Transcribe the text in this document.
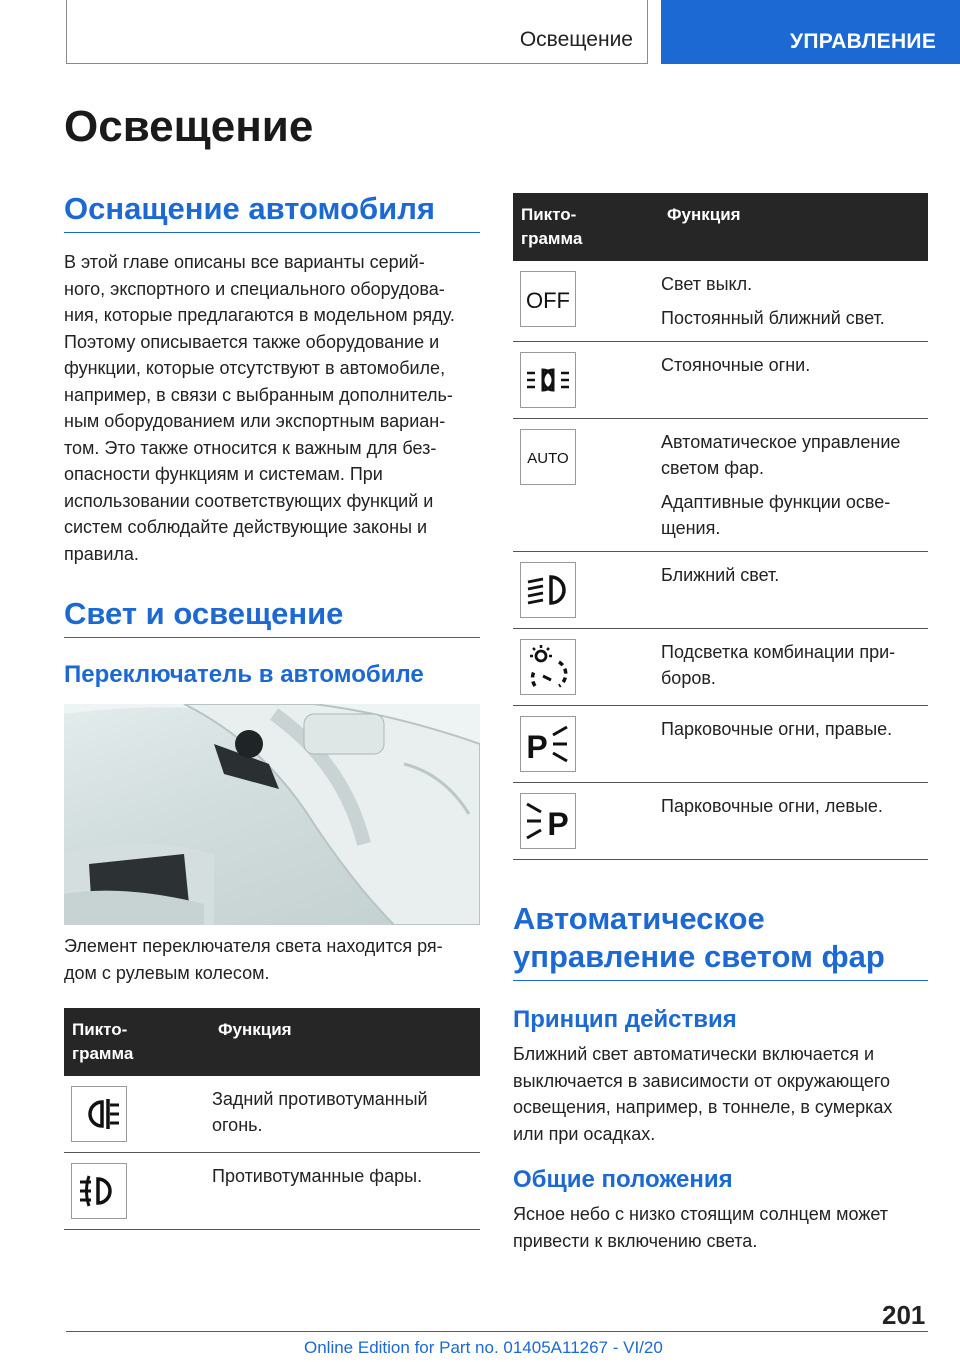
Освещение	УПРАВЛЕНИЕ
Освещение
Оснащение автомобиля
В этой главе описаны все варианты серий-
ного, экспортного и специального оборудова-
ния, которые предлагаются в модельном ряду.
Поэтому описывается также оборудование и
функции, которые отсутствуют в автомобиле,
например, в связи с выбранным дополнитель-
ным оборудованием или экспортным вариан-
том. Это также относится к важным для без-
опасности функциям и системам. При
использовании соответствующих функций и
систем соблюдайте действующие законы и
правила.
Свет и освещение
Переключатель в автомобиле
Элемент переключателя света находится ря-
дом с рулевым колесом.
Пикто-
грамма	Функция

Задний противотуманный
огонь.

Противотуманные фары.

Пикто-
грамма	Функция

OFF	Свет выкл.

Постоянный ближний свет.

Стояночные огни.

AUTO	Автоматическое управление
светом фар.

Адаптивные функции осве-
щения.

Ближний свет.

Подсветка комбинации при-
боров.

P	Парковочные огни, правые.

P	Парковочные огни, левые.

Автоматическое
управление светом фар
Принцип действия
Ближний свет автоматически включается и
выключается в зависимости от окружающего
освещения, например, в тоннеле, в сумерках
или при осадках.
Общие положения
Ясное небо с низко стоящим солнцем может
привести к включению света.
201
Online Edition for Part no. 01405A11267 - VI/20
